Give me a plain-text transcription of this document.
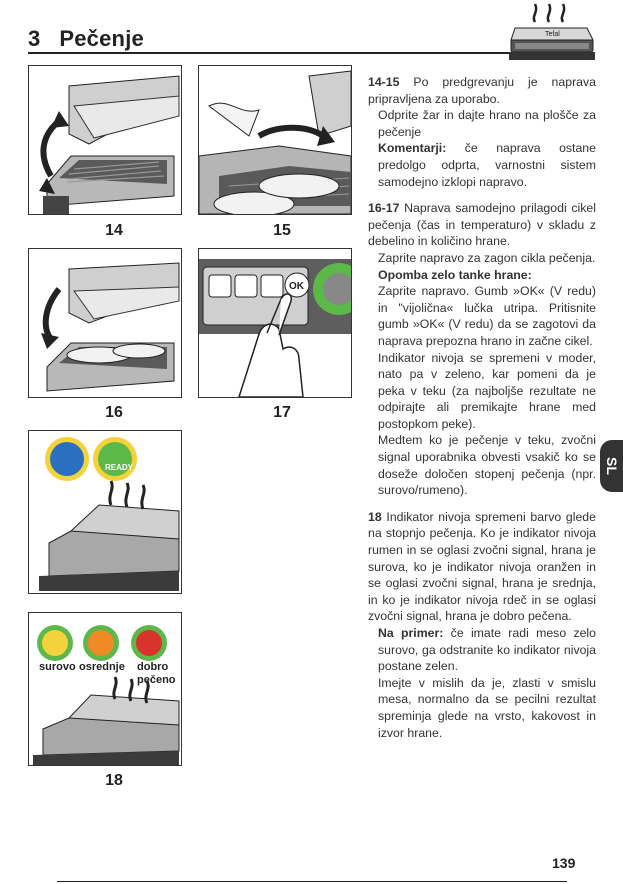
3 Pečenje	Tefal
14	15
16
OK
17
READY
surovo osrednje dobro
pečeno
18

14-15 Po predgrevanju je naprava pripravljena za uporabo.

Odprite žar in dajte hrano na plošče za pečenje

Komentarji: če naprava ostane predolgo odprta, varnostni sistem samodejno izklopi napravo.

16-17 Naprava samodejno prilagodi cikel pečenja (čas in temperaturo) v skladu z debelino in količino hrane.

Zaprite napravo za zagon cikla pečenja.

Opomba zelo tanke hrane:

Zaprite napravo. Gumb »OK« (V redu) in "vijolična« lučka utripa. Pritisnite gumb »OK« (V redu) da se zagotovi da naprava prepozna hrano in začne cikel.

Indikator nivoja se spremeni v moder, nato pa v zeleno, kar pomeni da je peka v teku (za najboljše rezultate ne odpirajte ali premikajte hrane med postopkom peke).

Medtem ko je pečenje v teku, zvočni signal uporabnika obvesti vsakič ko se doseže določen stopenj pečenja (npr. surovo/rumeno).

18 Indikator nivoja spremeni barvo glede na stopnjo pečenja. Ko je indikator nivoja rumen in se oglasi zvočni signal, hrana je surova, ko je indikator nivoja oranžen in se oglasi zvočni signal, hrana je srednja, in ko je indikator nivoja rdeč in se oglasi zvočni signal, hrana je dobro pečena.

Na primer: če imate radi meso zelo surovo, ga odstranite ko indikator nivoja postane zelen.

Imejte v mislih da je, zlasti v smislu mesa, normalno da se pecilni rezultat spreminja glede na vrsto, kakovost in izvor hrane.

SL
139
